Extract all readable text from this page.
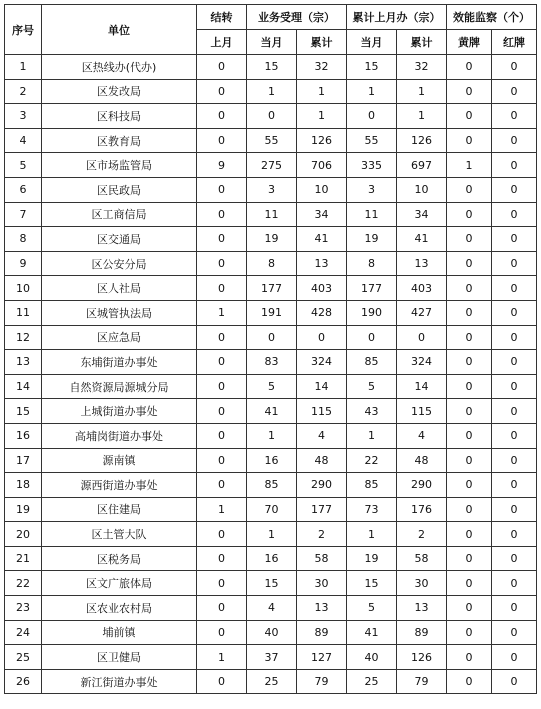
序号	单位	结转	业务受理（宗）		累计上月办（宗）		效能监察（个）	
		上月	当月	累计	当月	累计	黄牌	红牌
1	区热线办(代办)	0	15	32	15	32	0	0
2	区发改局	0	1	1	1	1	0	0
3	区科技局	0	0	1	0	1	0	0
4	区教育局	0	55	126	55	126	0	0
5	区市场监管局	9	275	706	335	697	1	0
6	区民政局	0	3	10	3	10	0	0
7	区工商信局	0	11	34	11	34	0	0
8	区交通局	0	19	41	19	41	0	0
9	区公安分局	0	8	13	8	13	0	0
10	区人社局	0	177	403	177	403	0	0
11	区城管执法局	1	191	428	190	427	0	0
12	区应急局	0	0	0	0	0	0	0
13	东埔街道办事处	0	83	324	85	324	0	0
14	自然资源局源城分局	0	5	14	5	14	0	0
15	上城街道办事处	0	41	115	43	115	0	0
16	高埔岗街道办事处	0	1	4	1	4	0	0
17	源南镇	0	16	48	22	48	0	0
18	源西街道办事处	0	85	290	85	290	0	0
19	区住建局	1	70	177	73	176	0	0
20	区土管大队	0	1	2	1	2	0	0
21	区税务局	0	16	58	19	58	0	0
22	区文广旅体局	0	15	30	15	30	0	0
23	区农业农村局	0	4	13	5	13	0	0
24	埔前镇	0	40	89	41	89	0	0
25	区卫健局	1	37	127	40	126	0	0
26	新江街道办事处	0	25	79	25	79	0	0
